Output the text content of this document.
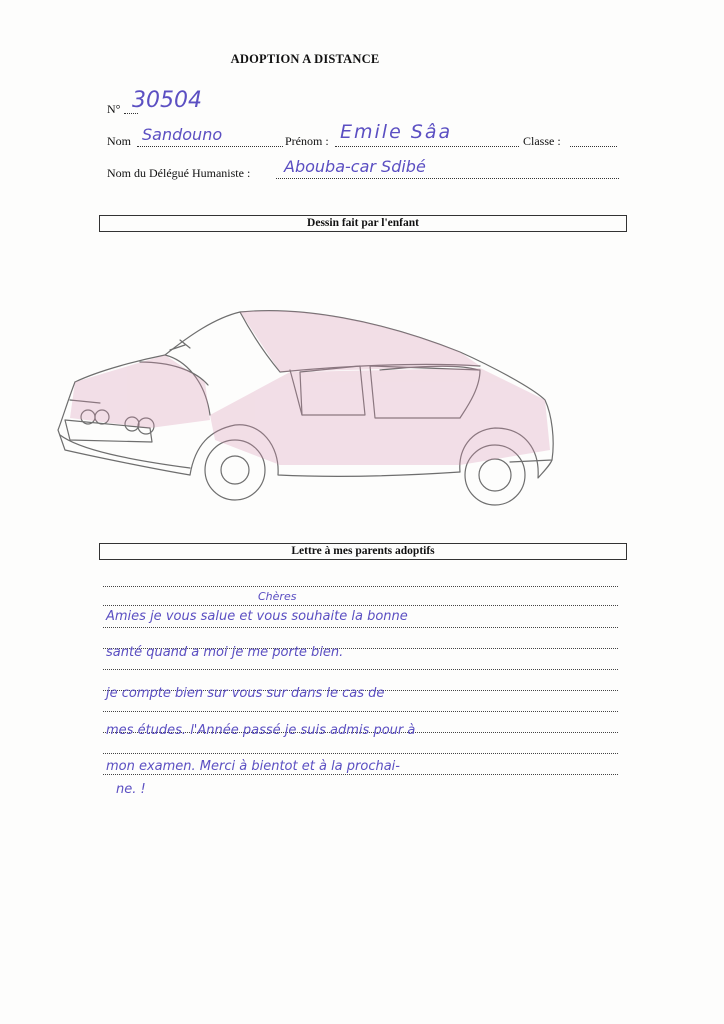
ADOPTION A DISTANCE
N° 30504
Nom Sandouno	Prénom : Emile Sâa	Classe :
Nom du Délégué Humaniste : Abouba-car Sdibé
Dessin fait par l'enfant
Lettre à mes parents adoptifs
Chères
Amies je vous salue et vous souhaite la bonne
santé quand a moi je me porte bien.
je compte bien sur vous sur dans le cas de
mes études. l'Année passé je suis admis pour à
mon examen. Merci à bientot et à la prochai-
ne. !
